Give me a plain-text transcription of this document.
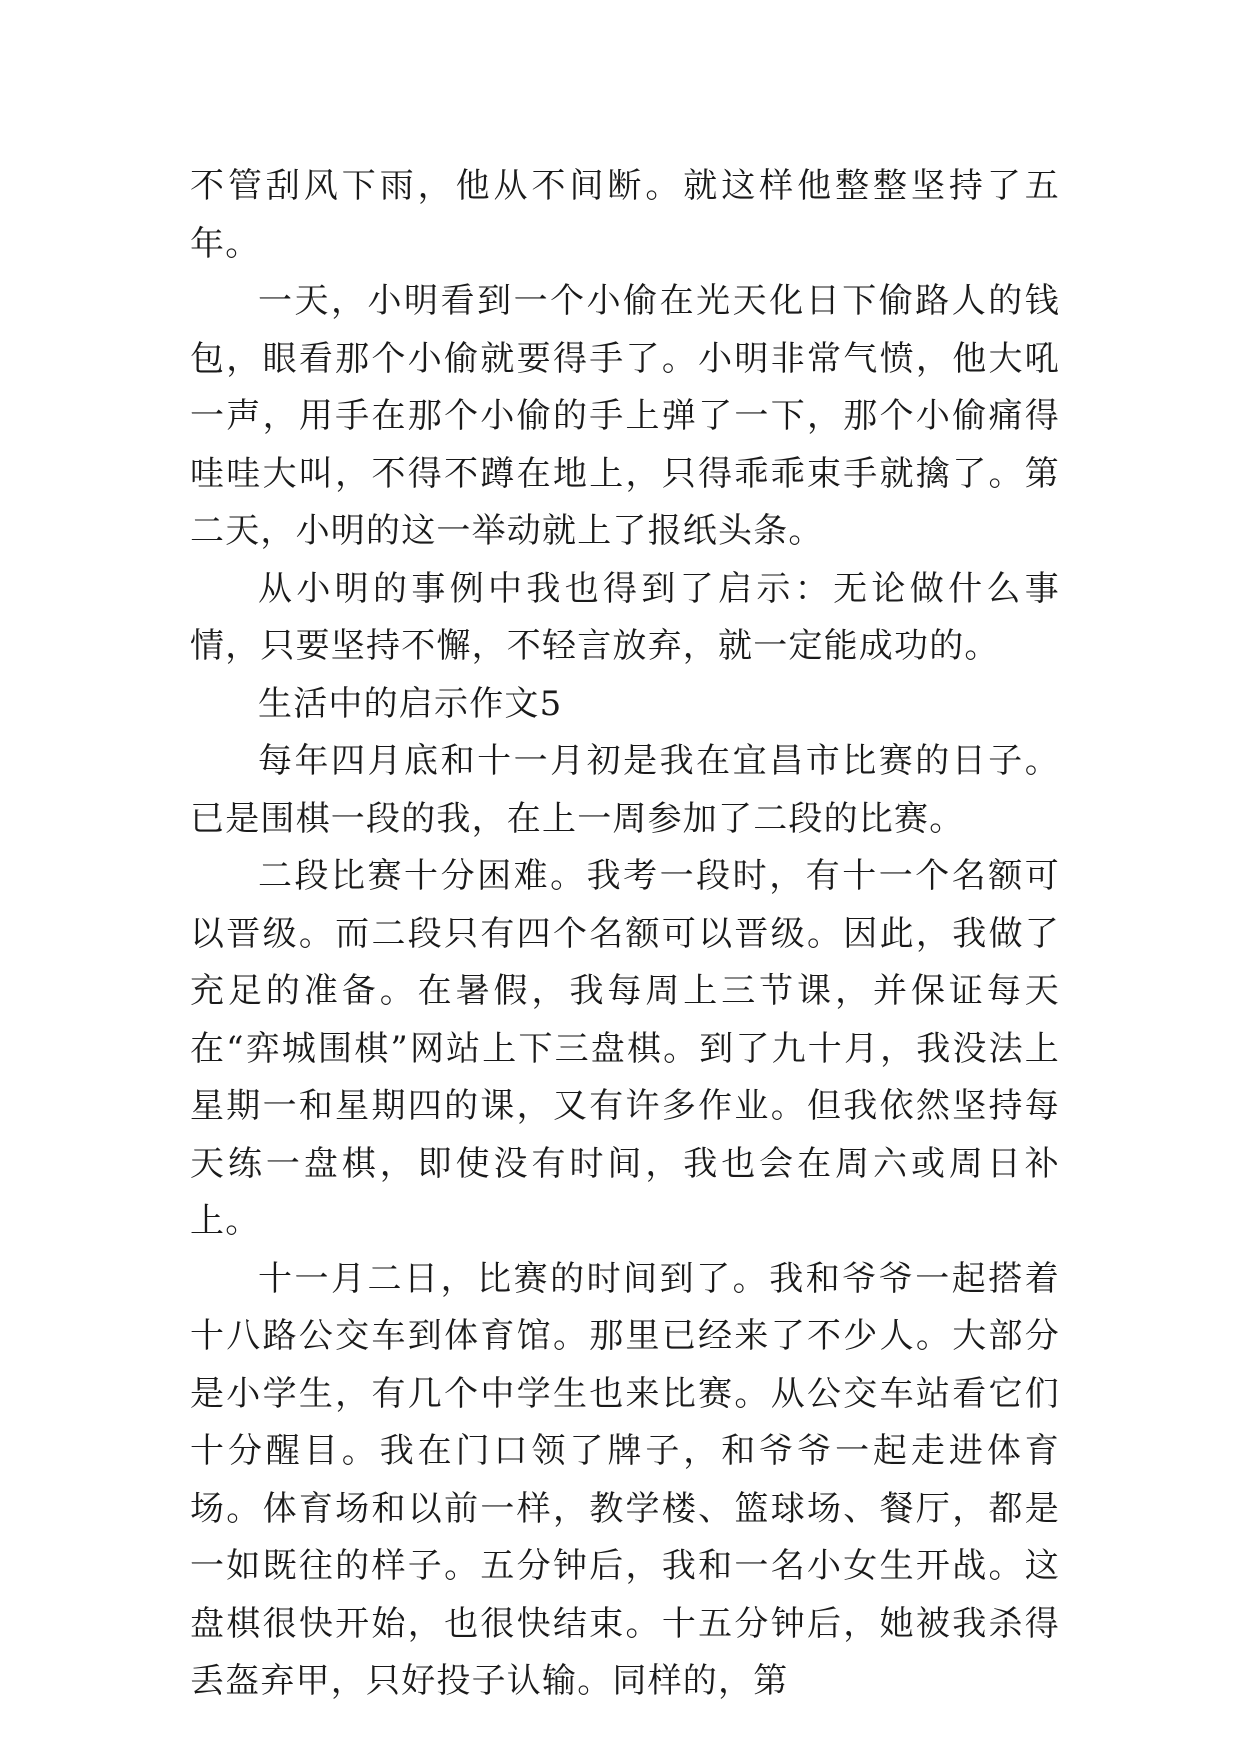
不管刮风下雨，他从不间断。就这样他整整坚持了五年。

一天，小明看到一个小偷在光天化日下偷路人的钱包，眼看那个小偷就要得手了。小明非常气愤，他大吼一声，用手在那个小偷的手上弹了一下，那个小偷痛得哇哇大叫，不得不蹲在地上，只得乖乖束手就擒了。第二天，小明的这一举动就上了报纸头条。

从小明的事例中我也得到了启示：无论做什么事情，只要坚持不懈，不轻言放弃，就一定能成功的。

生活中的启示作文5

每年四月底和十一月初是我在宜昌市比赛的日子。已是围棋一段的我，在上一周参加了二段的比赛。

二段比赛十分困难。我考一段时，有十一个名额可以晋级。而二段只有四个名额可以晋级。因此，我做了充足的准备。在暑假，我每周上三节课，并保证每天在“弈城围棋”网站上下三盘棋。到了九十月，我没法上星期一和星期四的课，又有许多作业。但我依然坚持每天练一盘棋，即使没有时间，我也会在周六或周日补上。

十一月二日，比赛的时间到了。我和爷爷一起搭着十八路公交车到体育馆。那里已经来了不少人。大部分是小学生，有几个中学生也来比赛。从公交车站看它们十分醒目。我在门口领了牌子，和爷爷一起走进体育场。体育场和以前一样，教学楼、篮球场、餐厅，都是一如既往的样子。五分钟后，我和一名小女生开战。这盘棋很快开始，也很快结束。十五分钟后，她被我杀得丢盔弃甲，只好投子认输。同样的，第
